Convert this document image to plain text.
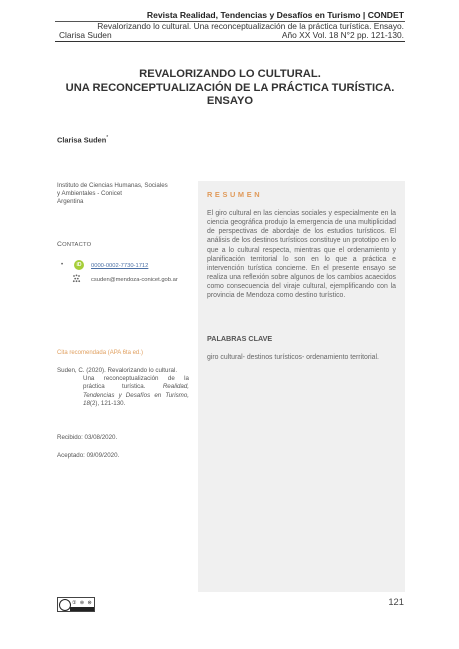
Revista Realidad, Tendencias y Desafíos en Turismo | CONDET
Revalorizando lo cultural. Una reconceptualización de la práctica turística. Ensayo.
Clarisa Suden	Año XX Vol. 18 N°2 pp. 121-130.
REVALORIZANDO LO CULTURAL.
UNA RECONCEPTUALIZACIÓN DE LA PRÁCTICA TURÍSTICA.
ENSAYO
Clarisa Suden*
Instituto de Ciencias Humanas, Sociales
y Ambientales - Conicet
Argentina
CONTACTO
•	iD	0000-0002-7730-1712
csuden@mendoza-conicet.gob.ar
Cita recomendada (APA 6ta ed.)
Suden, C. (2020). Revalorizando lo cultural.
Una reconceptualización de la práctica turística. Realidad, Tendencias y Desafíos en Turismo, 18(2), 121-130.
Recibido: 03/08/2020.
Aceptado: 09/09/2020.
RESUMEN
El giro cultural en las ciencias sociales y especialmente en la ciencia geográfica produjo la emergencia de una multiplicidad de perspectivas de abordaje de los estudios turísticos. El análisis de los destinos turísticos constituye un prototipo en lo que a lo cultural respecta, mientras que el ordenamiento y planificación territorial lo son en lo que a práctica e intervención turística concierne. En el presente ensayo se realiza una reflexión sobre algunos de los cambios acaecidos como consecuencia del viraje cultural, ejemplificando con la provincia de Mendoza como destino turístico.
PALABRAS CLAVE
giro cultural- destinos turísticos- ordenamiento territorial.
① ⊜ ⊜	121
